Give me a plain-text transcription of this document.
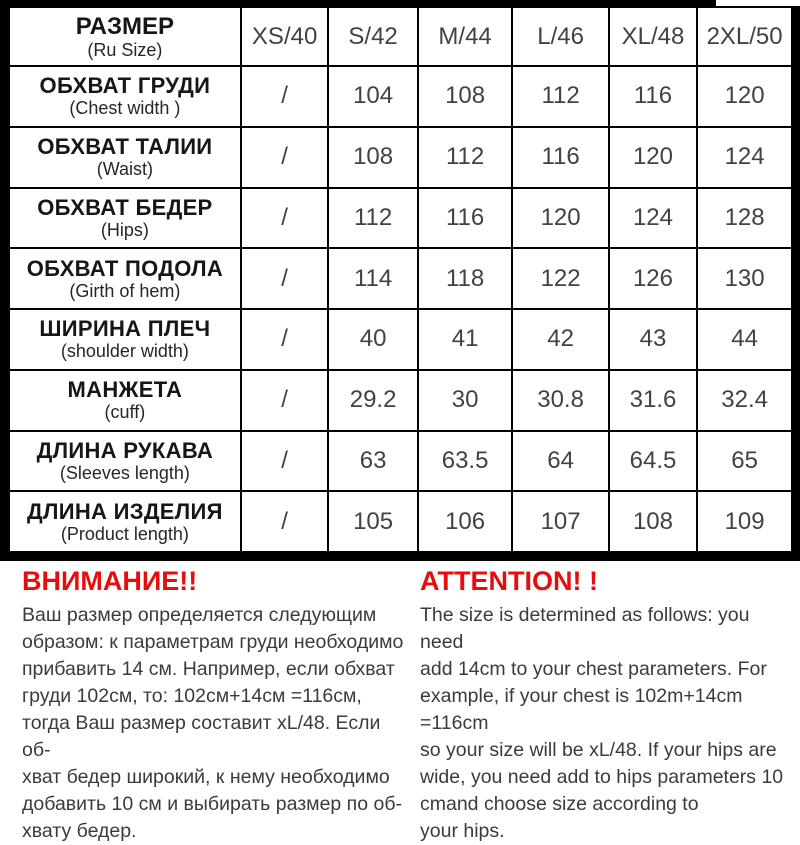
РАЗМЕР
(Ru Size)	XS/40	S/42	M/44	L/46	XL/48	2XL/50

ОБХВАТ ГРУДИ
(Chest width )	/	104	108	112	116	120

ОБХВАТ ТАЛИИ
(Waist)	/	108	112	116	120	124

ОБХВАТ БЕДЕР
(Hips)	/	112	116	120	124	128

ОБХВАТ ПОДОЛА
(Girth of hem)	/	114	118	122	126	130

ШИРИНА ПЛЕЧ
(shoulder width)	/	40	41	42	43	44

МАНЖЕТА
(cuff)	/	29.2	30	30.8	31.6	32.4

ДЛИНА РУКАВА
(Sleeves length)	/	63	63.5	64	64.5	65

ДЛИНА ИЗДЕЛИЯ
(Product length)	/	105	106	107	108	109
ВНИМАНИЕ!!
Ваш размер определяется следующим
образом: к параметрам груди необходимо
прибавить 14 см. Например, если обхват
груди 102см, то: 102см+14см =116см,
тогда Ваш размер составит хL/48. Если об-
хват бедер широкий, к нему необходимо
добавить 10 см и выбирать размер по об-
хвату бедер.
ATTENTION! !
The size is determined as follows: you need
add 14cm to your chest parameters. For
example, if your chest is 102m+14cm =116cm
so your size will be xL/48. If your hips are
wide, you need add to hips parameters 10
cmand choose size according to
your hips.
